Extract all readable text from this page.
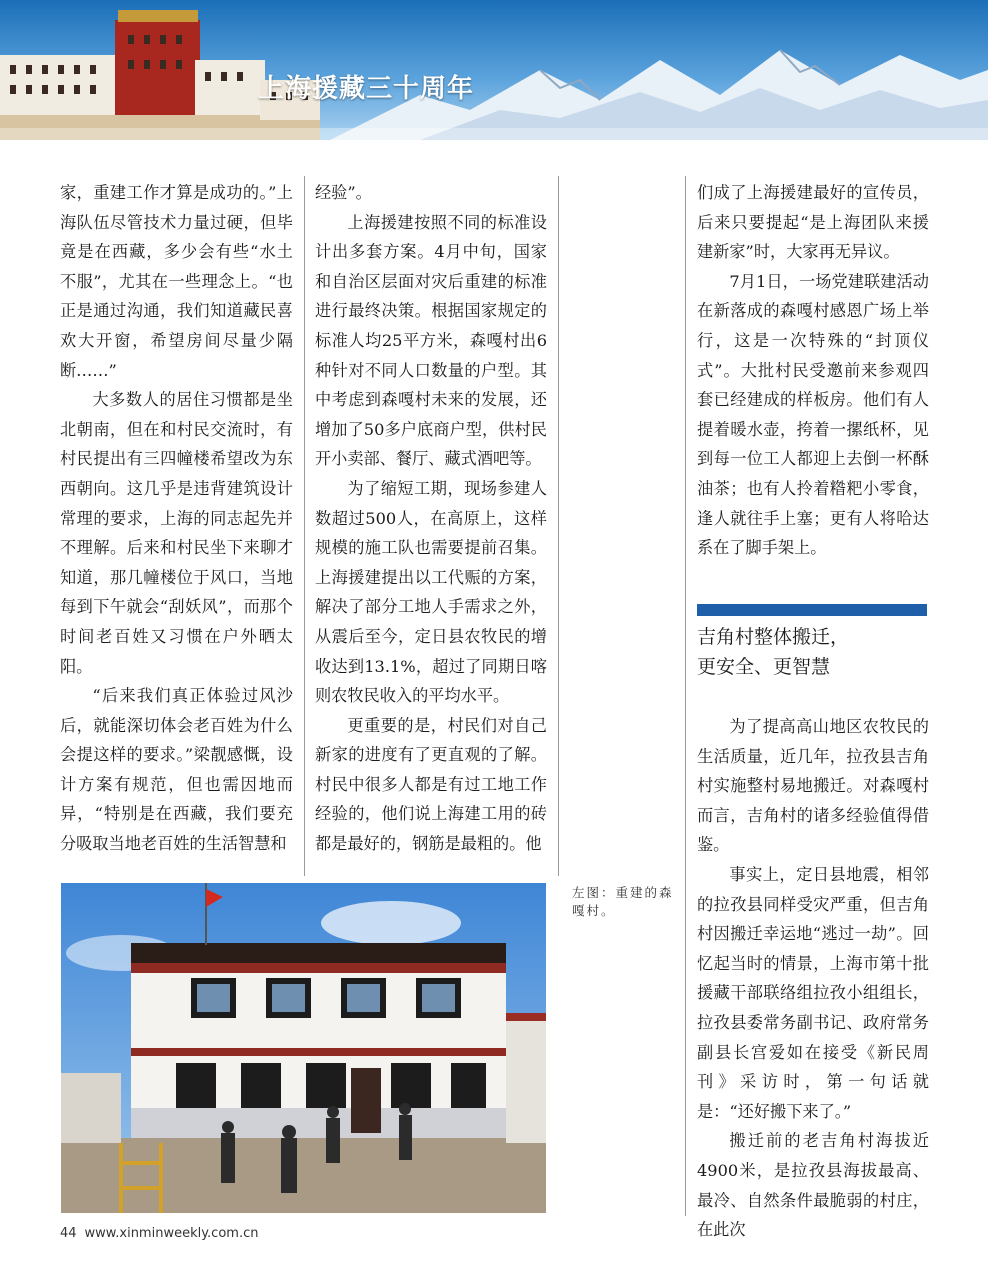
上海援藏三十周年

家，重建工作才算是成功的。”上海队伍尽管技术力量过硬，但毕竟是在西藏，多少会有些“水土不服”，尤其在一些理念上。“也正是通过沟通，我们知道藏民喜欢大开窗，希望房间尽量少隔断……”

大多数人的居住习惯都是坐北朝南，但在和村民交流时，有村民提出有三四幢楼希望改为东西朝向。这几乎是违背建筑设计常理的要求，上海的同志起先并不理解。后来和村民坐下来聊才知道，那几幢楼位于风口，当地每到下午就会“刮妖风”，而那个时间老百姓又习惯在户外晒太阳。

“后来我们真正体验过风沙后，就能深切体会老百姓为什么会提这样的要求。”梁靓感慨，设计方案有规范，但也需因地而异，“特别是在西藏，我们要充分吸取当地老百姓的生活智慧和

经验”。

上海援建按照不同的标准设计出多套方案。4月中旬，国家和自治区层面对灾后重建的标准进行最终决策。根据国家规定的标准人均25平方米，森嘎村出6种针对不同人口数量的户型。其中考虑到森嘎村未来的发展，还增加了50多户底商户型，供村民开小卖部、餐厅、藏式酒吧等。

为了缩短工期，现场参建人数超过500人，在高原上，这样规模的施工队也需要提前召集。上海援建提出以工代赈的方案，解决了部分工地人手需求之外，从震后至今，定日县农牧民的增收达到13.1%，超过了同期日喀则农牧民收入的平均水平。

更重要的是，村民们对自己新家的进度有了更直观的了解。村民中很多人都是有过工地工作经验的，他们说上海建工用的砖都是最好的，钢筋是最粗的。他

们成了上海援建最好的宣传员，后来只要提起“是上海团队来援建新家”时，大家再无异议。

7月1日，一场党建联建活动在新落成的森嘎村感恩广场上举行，这是一次特殊的“封顶仪式”。大批村民受邀前来参观四套已经建成的样板房。他们有人提着暖水壶，挎着一摞纸杯，见到每一位工人都迎上去倒一杯酥油茶；也有人拎着糌粑小零食，逢人就往手上塞；更有人将哈达系在了脚手架上。

吉角村整体搬迁，
更安全、更智慧

为了提高高山地区农牧民的生活质量，近几年，拉孜县吉角村实施整村易地搬迁。对森嘎村而言，吉角村的诸多经验值得借鉴。

事实上，定日县地震，相邻的拉孜县同样受灾严重，但吉角村因搬迁幸运地“逃过一劫”。回忆起当时的情景，上海市第十批援藏干部联络组拉孜小组组长，拉孜县委常务副书记、政府常务副县长宫爱如在接受《新民周刊》采访时，第一句话就是：“还好搬下来了。”

搬迁前的老吉角村海拔近4900米，是拉孜县海拔最高、最冷、自然条件最脆弱的村庄，在此次

左图：重建的森嘎村。
44 www.xinminweekly.com.cn
